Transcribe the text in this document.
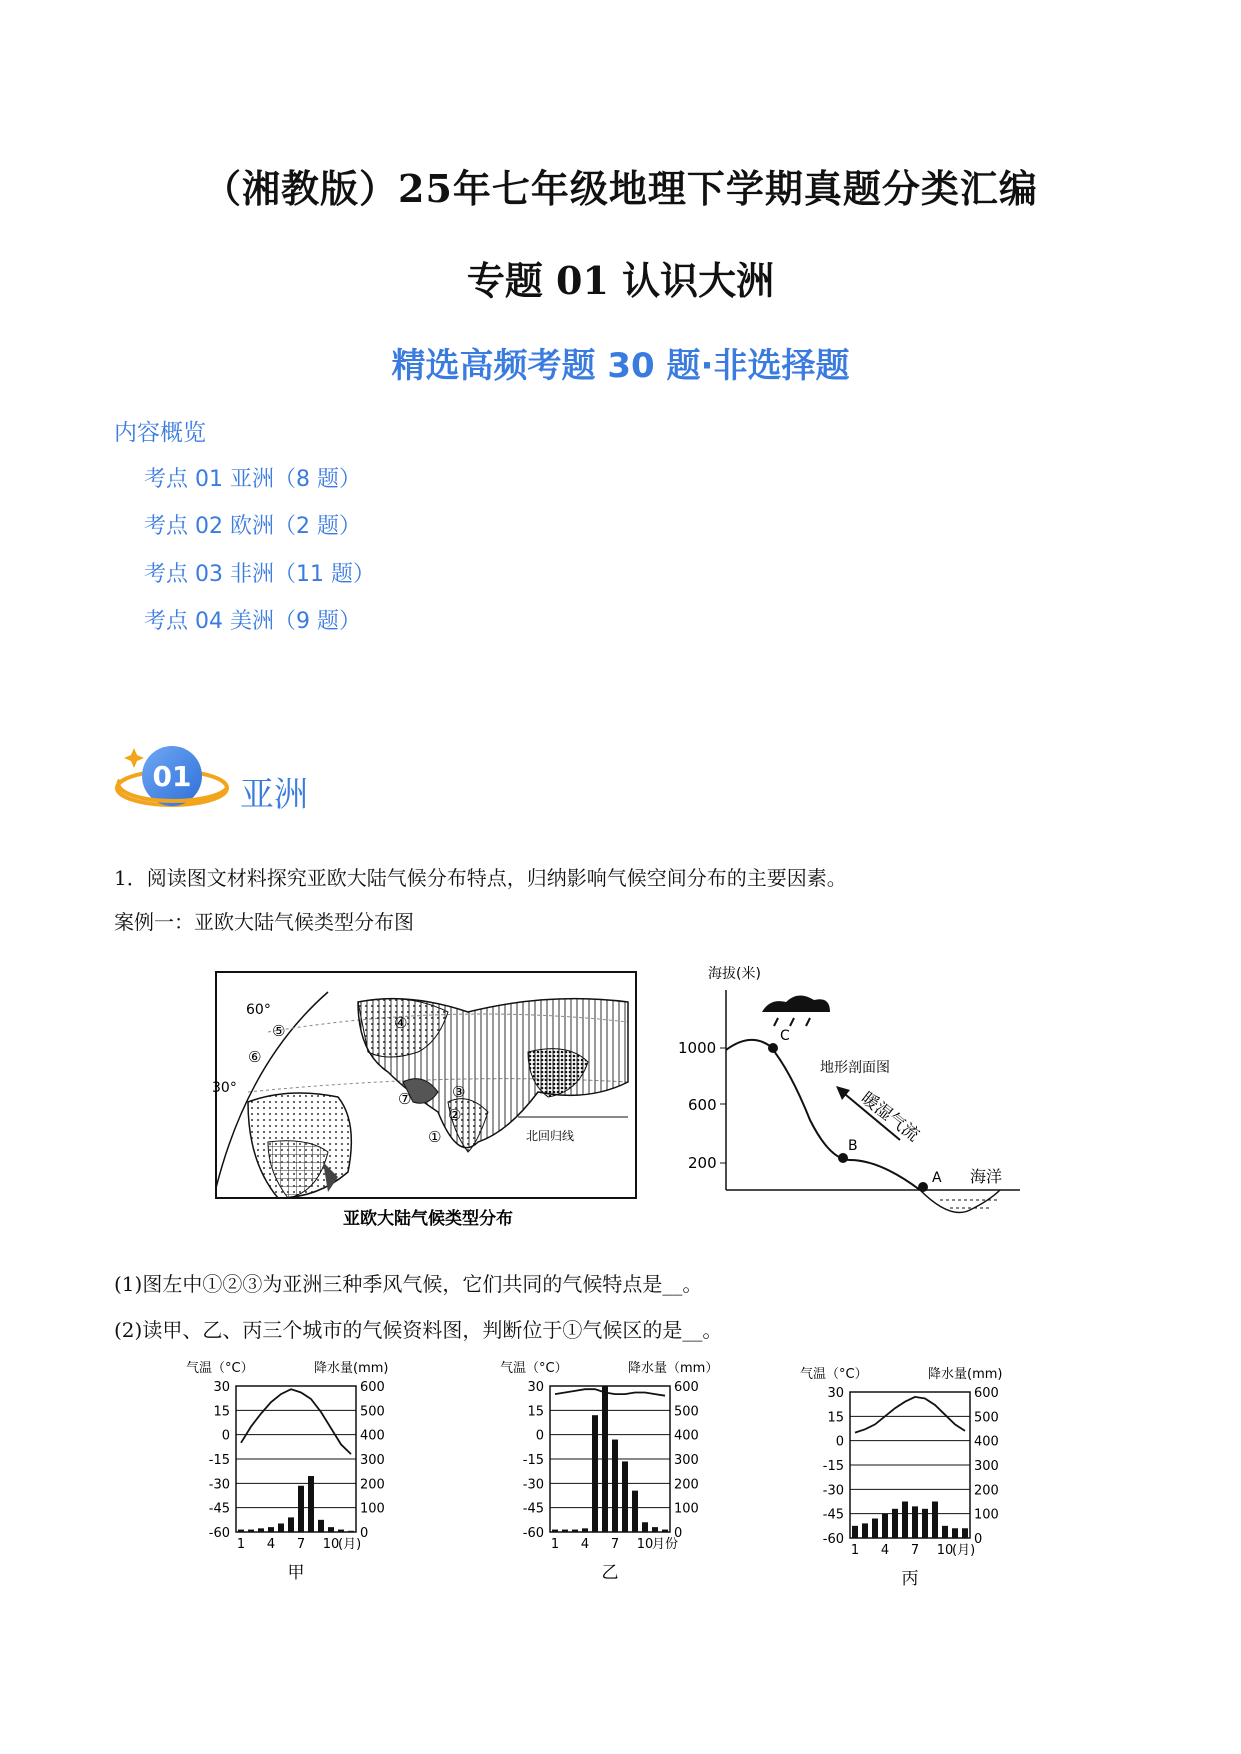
（湘教版）25年七年级地理下学期真题分类汇编
专题 01 认识大洲
精选高频考题 30 题·非选择题
内容概览
考点 01 亚洲（8 题）
考点 02 欧洲（2 题）
考点 03 非洲（11 题）
考点 04 美洲（9 题）
01 亚洲
1．阅读图文材料探究亚欧大陆气候分布特点，归纳影响气候空间分布的主要因素。
案例一：亚欧大陆气候类型分布图
北回归线
60°
30°
①
②
③
④
⑤
⑥
⑦
亚欧大陆气候类型分布
海拔(米)
1000
600
200
C
B
A
地形剖面图
暖湿气流
海洋
(1)图左中①②③为亚洲三种季风气候，它们共同的气候特点是__。
(2)读甲、乙、丙三个城市的气候资料图，判断位于①气候区的是__。
气温（°C）	降水量(mm)
30	600
15	500
0	400
-15	300
-30	200
-45	100
-60	0
1 4 7 10
(月)
甲
气温（°C）	降水量（mm）
30	600
15	500
0	400
-15	300
-30	200
-45	100
-60	0
1 4 7 10
月份
乙
气温（°C）	降水量(mm)
30	600
15	500
0	400
-15	300
-30	200
-45	100
-60	0
1 4 7 10
(月)
丙
